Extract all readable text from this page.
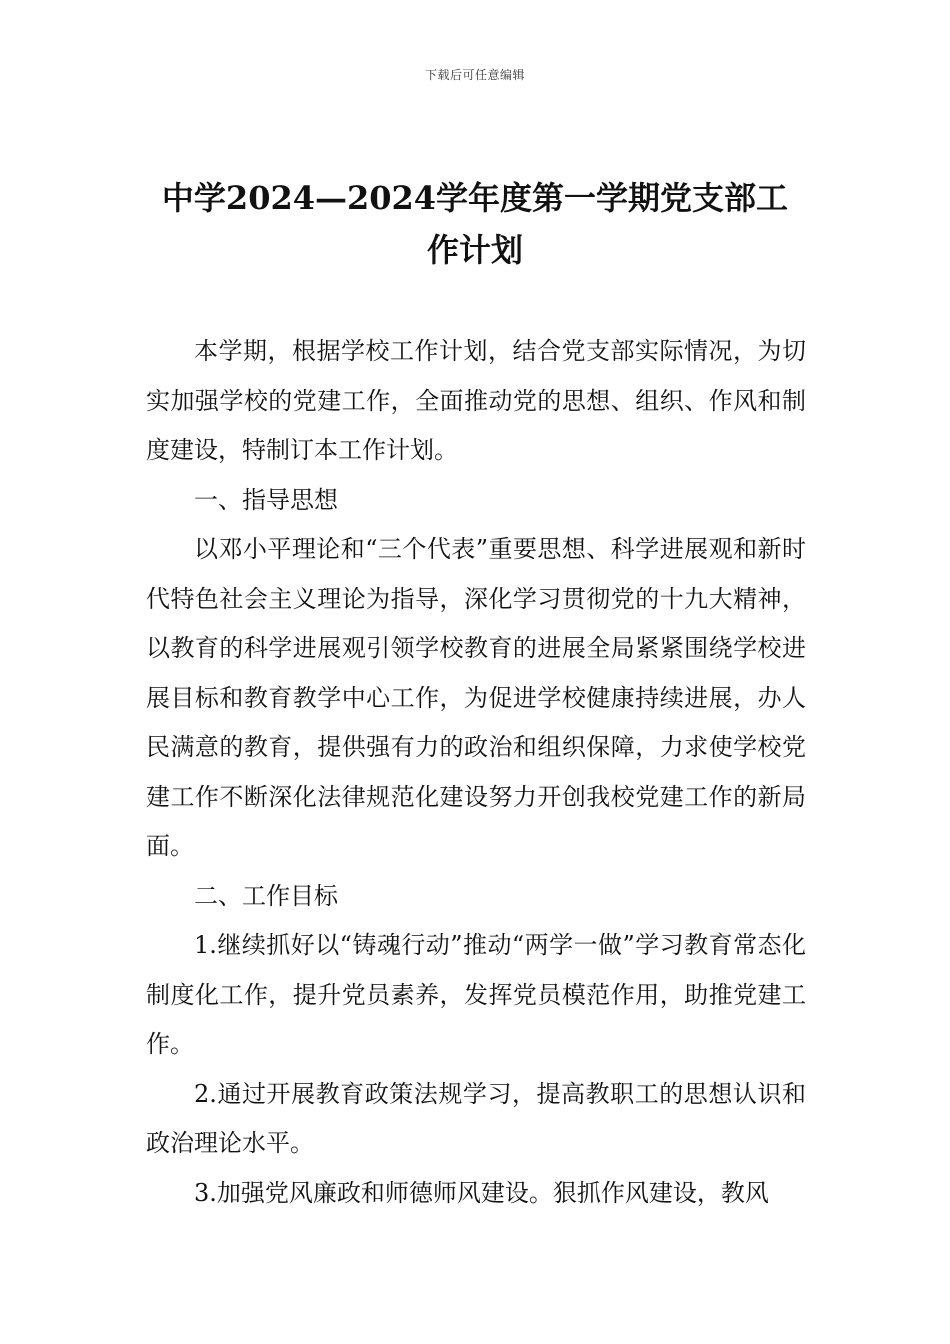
下载后可任意编辑
中学2024—2024学年度第一学期党支部工作计划

本学期，根据学校工作计划，结合党支部实际情况，为切实加强学校的党建工作，全面推动党的思想、组织、作风和制度建设，特制订本工作计划。

一、指导思想

以邓小平理论和“三个代表”重要思想、科学进展观和新时代特色社会主义理论为指导，深化学习贯彻党的十九大精神，以教育的科学进展观引领学校教育的进展全局紧紧围绕学校进展目标和教育教学中心工作，为促进学校健康持续进展，办人民满意的教育，提供强有力的政治和组织保障，力求使学校党建工作不断深化法律规范化建设努力开创我校党建工作的新局面。

二、工作目标

1.继续抓好以“铸魂行动”推动“两学一做”学习教育常态化制度化工作，提升党员素养，发挥党员模范作用，助推党建工作。

2.通过开展教育政策法规学习，提高教职工的思想认识和政治理论水平。

3.加强党风廉政和师德师风建设。狠抓作风建设，教风
